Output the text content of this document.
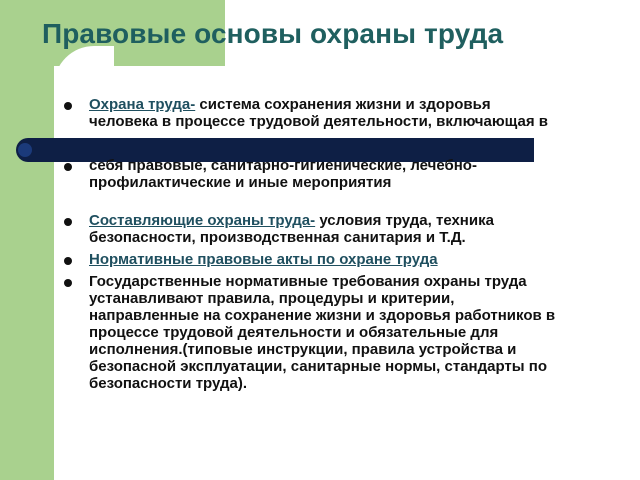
Правовые основы охраны труда
Охрана труда- система сохранения жизни и здоровья
человека в процессе трудовой деятельности, включающая в
себя правовые, санитарно-гигиенические, лечебно-
профилактические и иные мероприятия
Составляющие охраны труда- условия труда, техника
безопасности, производственная санитария и Т.Д.
Нормативные правовые акты по охране труда
Государственные нормативные требования охраны труда
устанавливают правила, процедуры и критерии,
направленные на сохранение жизни и здоровья работников в
процессе трудовой деятельности и обязательные для
исполнения.(типовые инструкции, правила устройства и
безопасной эксплуатации, санитарные нормы, стандарты по
безопасности труда).
